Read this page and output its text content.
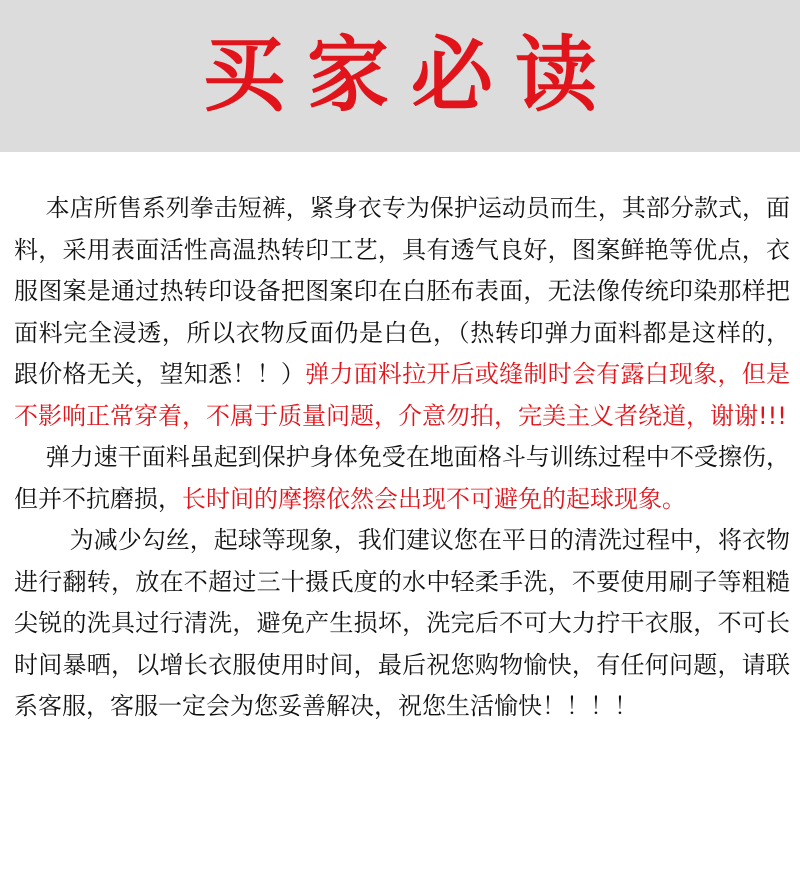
买家必读

　 本店所售系列拳击短裤，紧身衣专为保护运动员而生，其部分款式，面料，采用表面活性高温热转印工艺，具有透气良好，图案鲜艳等优点，衣服图案是通过热转印设备把图案印在白胚布表面，无法像传统印染那样把面料完全浸透，所以衣物反面仍是白色，（热转印弹力面料都是这样的，跟价格无关，望知悉！！）弹力面料拉开后或缝制时会有露白现象，但是不影响正常穿着，不属于质量问题，介意勿拍，完美主义者绕道，谢谢!!!

　 弹力速干面料虽起到保护身体免受在地面格斗与训练过程中不受擦伤，但并不抗磨损，长时间的摩擦依然会出现不可避免的起球现象。

　 　为减少勾丝，起球等现象，我们建议您在平日的清洗过程中，将衣物进行翻转，放在不超过三十摄氏度的水中轻柔手洗，不要使用刷子等粗糙尖锐的洗具过行清洗，避免产生损坏，洗完后不可大力拧干衣服，不可长时间暴晒，以增长衣服使用时间，最后祝您购物愉快，有任何问题，请联系客服，客服一定会为您妥善解决，祝您生活愉快！！！！
